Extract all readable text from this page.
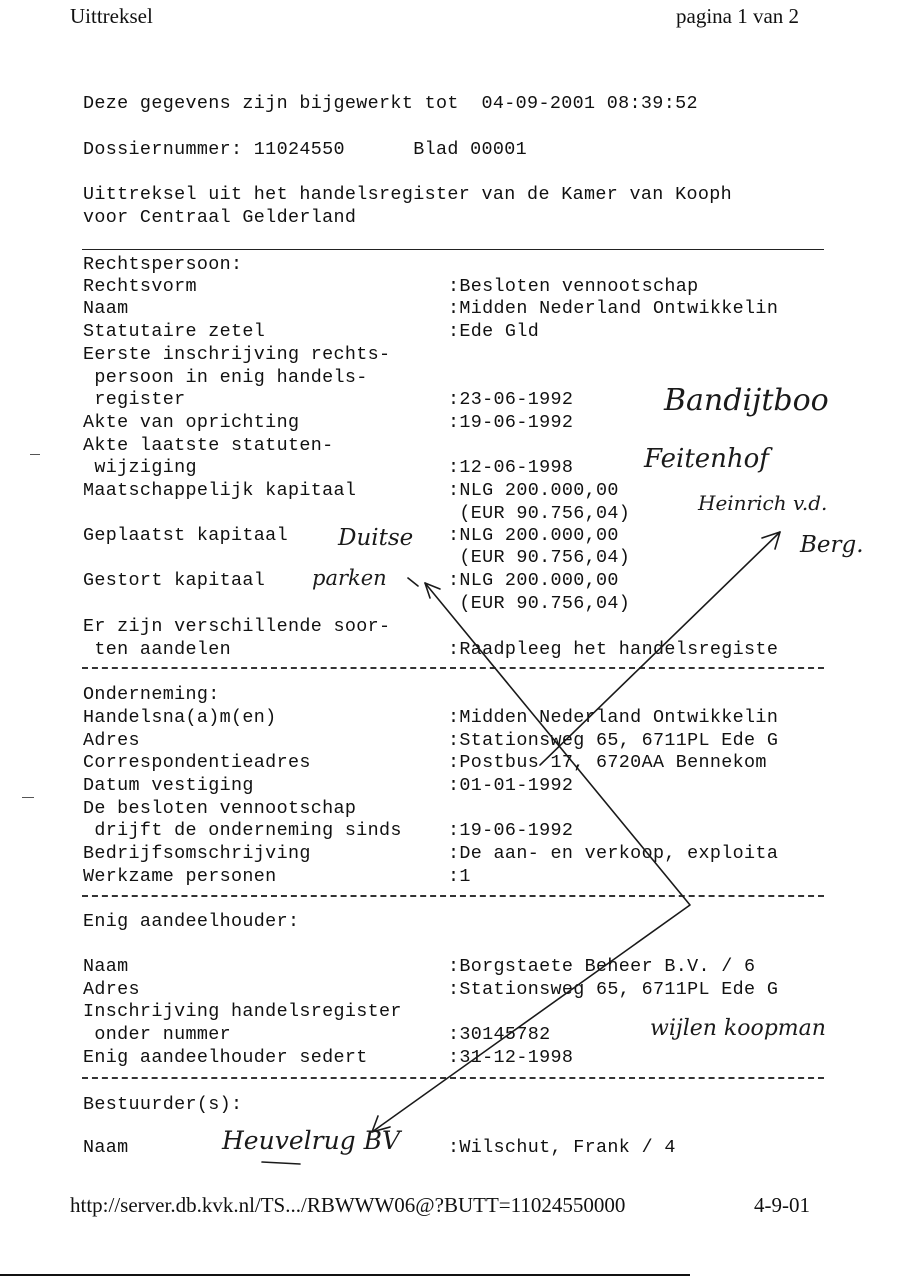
Uittreksel	pagina 1 van 2
Deze gegevens zijn bijgewerkt tot  04-09-2001 08:39:52
Dossiernummer: 11024550      Blad 00001
Uittreksel uit het handelsregister van de Kamer van Kooph
voor Centraal Gelderland
Rechtspersoon:
Rechtsvorm	:Besloten vennootschap
Naam	:Midden Nederland Ontwikkelin
Statutaire zetel	:Ede Gld
Eerste inschrijving rechts-
persoon in enig handels-
register	:23-06-1992
Akte van oprichting	:19-06-1992
Akte laatste statuten-
wijziging	:12-06-1998
Maatschappelijk kapitaal	:NLG 200.000,00
(EUR 90.756,04)
Geplaatst kapitaal	:NLG 200.000,00
(EUR 90.756,04)
Gestort kapitaal	:NLG 200.000,00
(EUR 90.756,04)
Er zijn verschillende soor-
ten aandelen	:Raadpleeg het handelsregiste
Onderneming:
Handelsna(a)m(en)	:Midden Nederland Ontwikkelin
Adres	:Stationsweg 65, 6711PL Ede G
Correspondentieadres	:Postbus 17, 6720AA Bennekom
Datum vestiging	:01-01-1992
De besloten vennootschap
drijft de onderneming sinds	:19-06-1992
Bedrijfsomschrijving	:De aan- en verkoop, exploita
Werkzame personen	:1
Enig aandeelhouder:
Naam	:Borgstaete Beheer B.V. / 6
Adres	:Stationsweg 65, 6711PL Ede G
Inschrijving handelsregister
onder nummer	:30145782
Enig aandeelhouder sedert	:31-12-1998
Bestuurder(s):
Naam	:Wilschut, Frank / 4
Bandijtboo
Feitenhof
Heinrich v.d.
Berg.
Duitse
parken
wijlen koopman
Heuvelrug BV
http://server.db.kvk.nl/TS.../RBWWW06@?BUTT=11024550000	4-9-01
